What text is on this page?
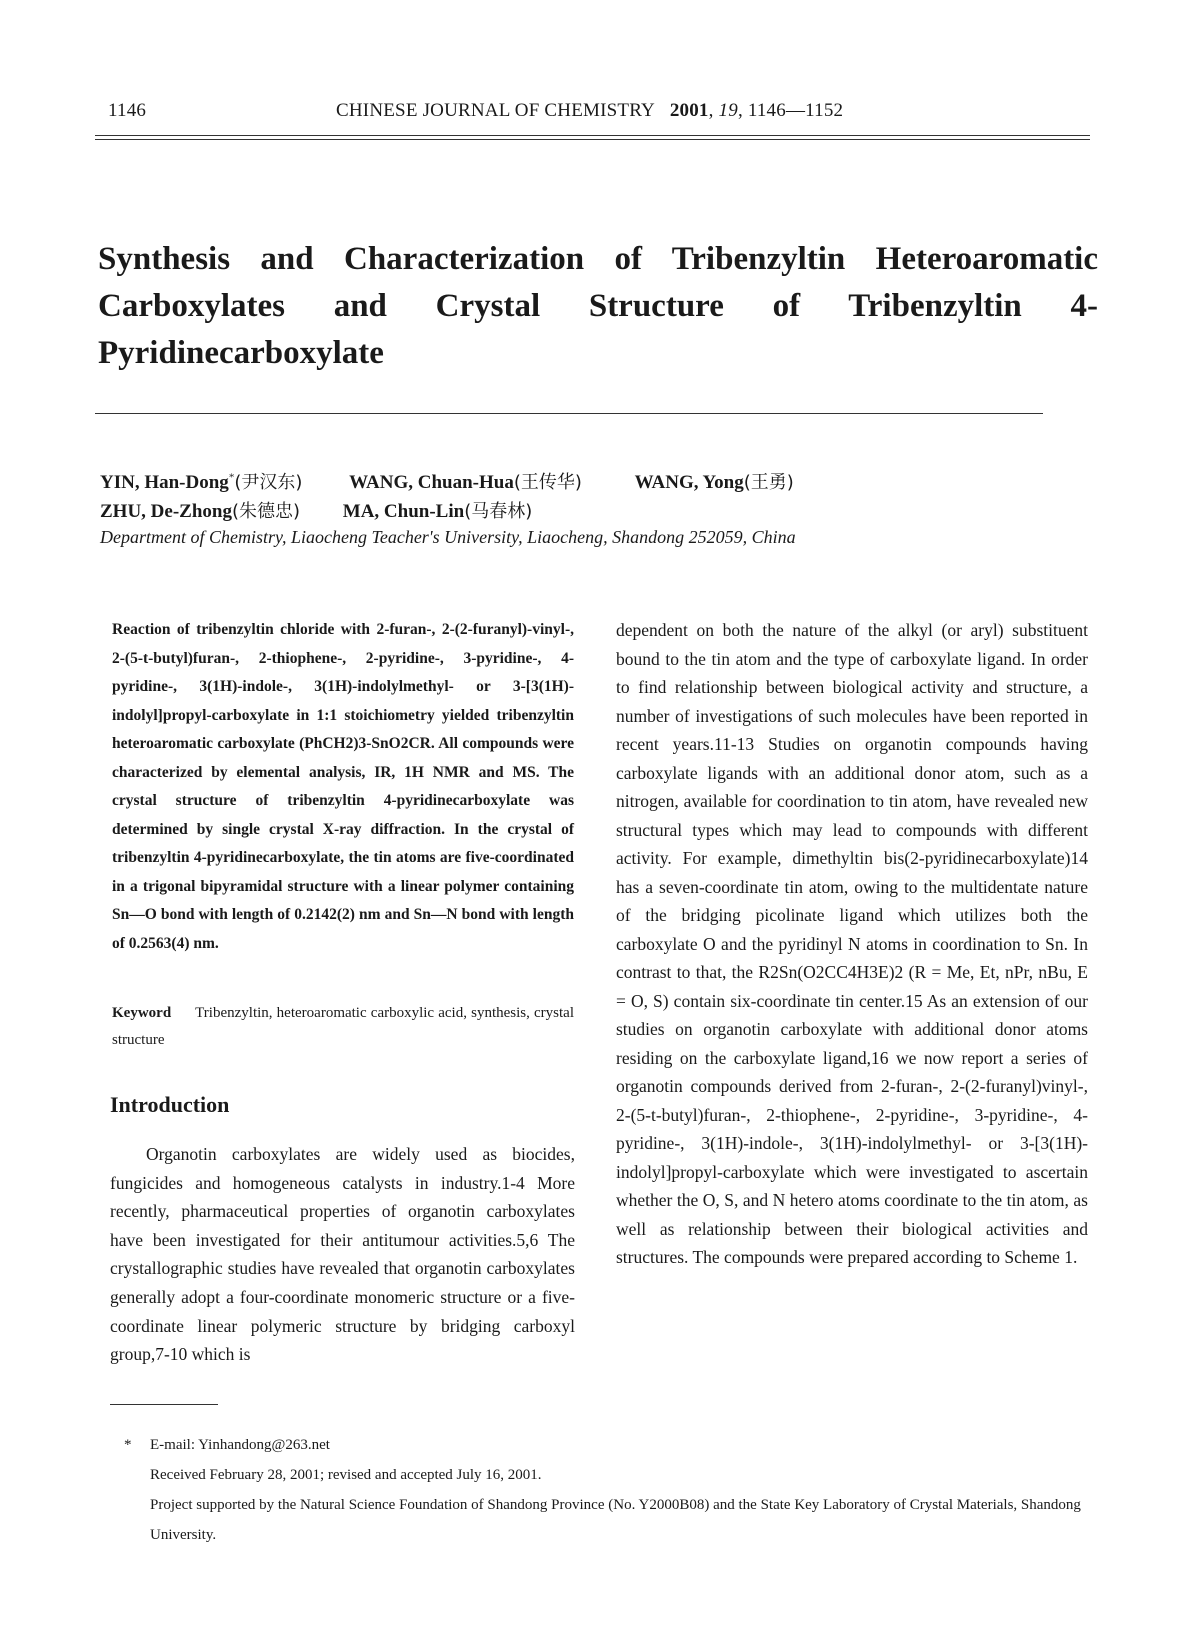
1146	CHINESE JOURNAL OF CHEMISTRY 2001, 19, 1146—1152
Synthesis and Characterization of Tribenzyltin Heteroaromatic
Carboxylates and Crystal Structure of Tribenzyltin 4-
Pyridinecarboxylate
YIN, Han-Dong*(尹汉东) WANG, Chuan-Hua(王传华)	WANG, Yong(王勇)
ZHU, De-Zhong(朱德忠) MA, Chun-Lin(马春林)
Department of Chemistry, Liaocheng Teacher's University, Liaocheng, Shandong 252059, China
Reaction of tribenzyltin chloride with 2-furan-, 2-(2-furanyl)-vinyl-, 2-(5-t-butyl)furan-, 2-thiophene-, 2-pyridine-, 3-pyridine-, 4-pyridine-, 3(1H)-indole-, 3(1H)-indolylmethyl- or 3-[3(1H)-indolyl]propyl-carboxylate in 1:1 stoichiometry yielded tribenzyltin heteroaromatic carboxylate (PhCH2)3-SnO2CR. All compounds were characterized by elemental analysis, IR, 1H NMR and MS. The crystal structure of tribenzyltin 4-pyridinecarboxylate was determined by single crystal X-ray diffraction. In the crystal of tribenzyltin 4-pyridinecarboxylate, the tin atoms are five-coordinated in a trigonal bipyramidal structure with a linear polymer containing Sn—O bond with length of 0.2142(2) nm and Sn—N bond with length of 0.2563(4) nm.
Keyword Tribenzyltin, heteroaromatic carboxylic acid, synthesis, crystal structure
Introduction
Organotin carboxylates are widely used as biocides, fungicides and homogeneous catalysts in industry.1-4 More recently, pharmaceutical properties of organotin carboxylates have been investigated for their antitumour activities.5,6 The crystallographic studies have revealed that organotin carboxylates generally adopt a four-coordinate monomeric structure or a five-coordinate linear polymeric structure by bridging carboxyl group,7-10 which is
dependent on both the nature of the alkyl (or aryl) substituent bound to the tin atom and the type of carboxylate ligand. In order to find relationship between biological activity and structure, a number of investigations of such molecules have been reported in recent years.11-13 Studies on organotin compounds having carboxylate ligands with an additional donor atom, such as a nitrogen, available for coordination to tin atom, have revealed new structural types which may lead to compounds with different activity. For example, dimethyltin bis(2-pyridinecarboxylate)14 has a seven-coordinate tin atom, owing to the multidentate nature of the bridging picolinate ligand which utilizes both the carboxylate O and the pyridinyl N atoms in coordination to Sn. In contrast to that, the R2Sn(O2CC4H3E)2 (R = Me, Et, nPr, nBu, E = O, S) contain six-coordinate tin center.15 As an extension of our studies on organotin carboxylate with additional donor atoms residing on the carboxylate ligand,16 we now report a series of organotin compounds derived from 2-furan-, 2-(2-furanyl)vinyl-, 2-(5-t-butyl)furan-, 2-thiophene-, 2-pyridine-, 3-pyridine-, 4-pyridine-, 3(1H)-indole-, 3(1H)-indolylmethyl- or 3-[3(1H)-indolyl]propyl-carboxylate which were investigated to ascertain whether the O, S, and N hetero atoms coordinate to the tin atom, as well as relationship between their biological activities and structures. The compounds were prepared according to Scheme 1.
* E-mail: Yinhandong@263.net
Received February 28, 2001; revised and accepted July 16, 2001.
Project supported by the Natural Science Foundation of Shandong Province (No. Y2000B08) and the State Key Laboratory of Crystal Materials, Shandong University.
